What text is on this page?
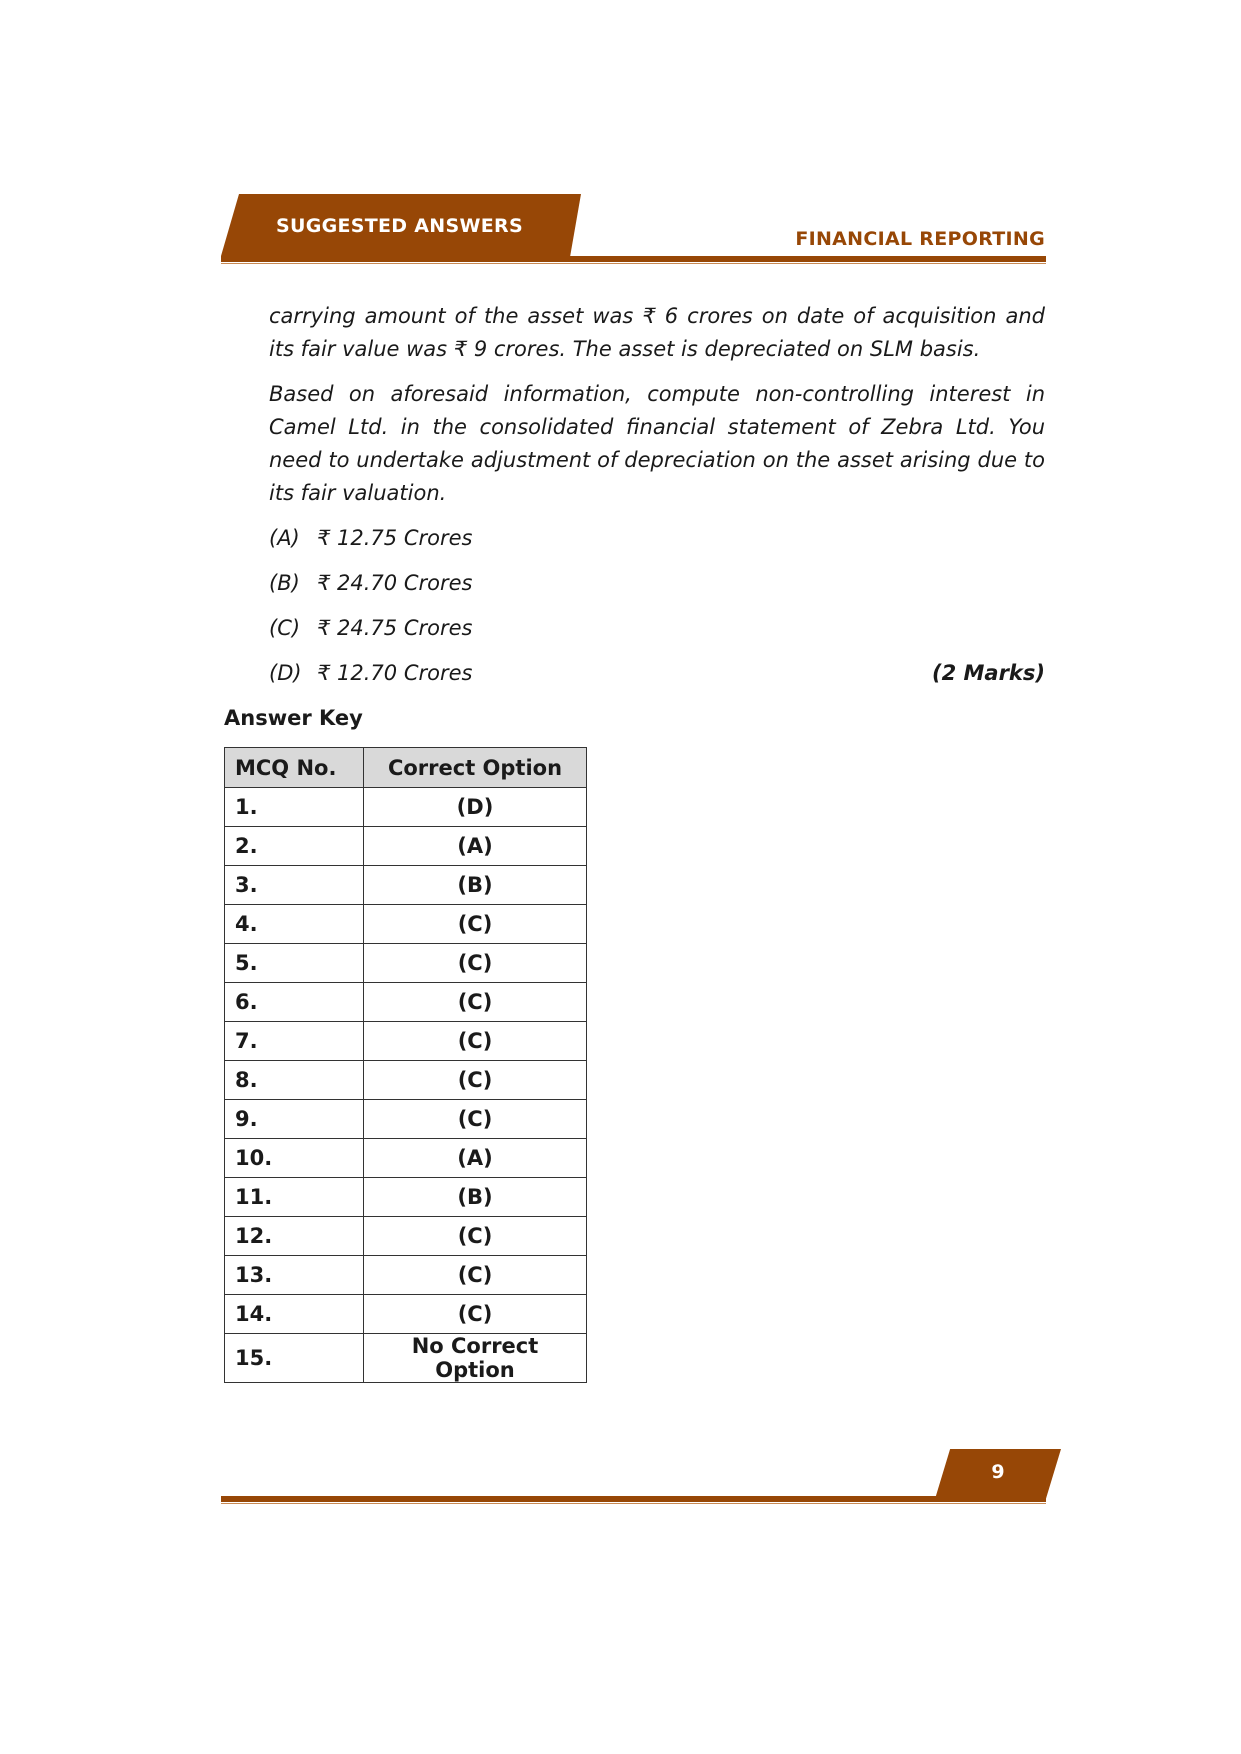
SUGGESTED ANSWERS
FINANCIAL REPORTING

carrying amount of the asset was ₹ 6 crores on date of acquisition and its fair value was ₹ 9 crores. The asset is depreciated on SLM basis.

Based on aforesaid information, compute non-controlling interest in Camel Ltd. in the consolidated financial statement of Zebra Ltd. You need to undertake adjustment of depreciation on the asset arising due to its fair valuation.

(A) ₹ 12.75 Crores
(B) ₹ 24.70 Crores
(C) ₹ 24.75 Crores
(D) ₹ 12.70 Crores	(2 Marks)
Answer Key
MCQ No.	Correct Option
1.	(D)
2.	(A)
3.	(B)
4.	(C)
5.	(C)
6.	(C)
7.	(C)
8.	(C)
9.	(C)
10.	(A)
11.	(B)
12.	(C)
13.	(C)
14.	(C)
15.	No Correct Option
9
